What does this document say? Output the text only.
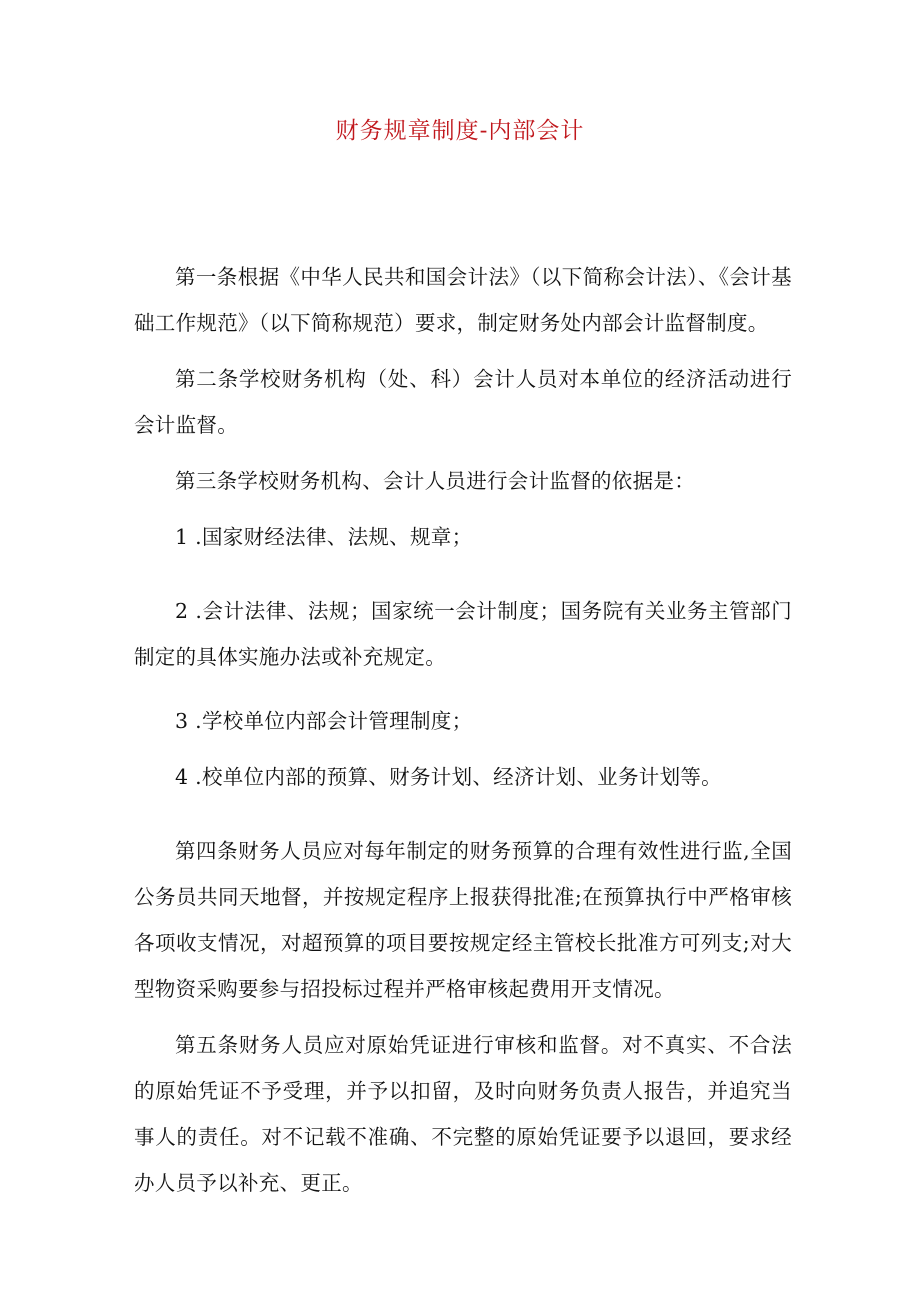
财务规章制度-内部会计

第一条根据《中华人民共和国会计法》（以下简称会计法）、《会计基础工作规范》（以下简称规范）要求，制定财务处内部会计监督制度。

第二条学校财务机构（处、科）会计人员对本单位的经济活动进行会计监督。

第三条学校财务机构、会计人员进行会计监督的依据是：

1 .国家财经法律、法规、规章；

2 .会计法律、法规；国家统一会计制度；国务院有关业务主管部门制定的具体实施办法或补充规定。

3 .学校单位内部会计管理制度；

4 .校单位内部的预算、财务计划、经济计划、业务计划等。

第四条财务人员应对每年制定的财务预算的合理有效性进行监,全国公务员共同天地督，并按规定程序上报获得批准;在预算执行中严格审核各项收支情况，对超预算的项目要按规定经主管校长批准方可列支;对大型物资采购要参与招投标过程并严格审核起费用开支情况。

第五条财务人员应对原始凭证进行审核和监督。对不真实、不合法的原始凭证不予受理，并予以扣留，及时向财务负责人报告，并追究当事人的责任。对不记载不准确、不完整的原始凭证要予以退回，要求经办人员予以补充、更正。
